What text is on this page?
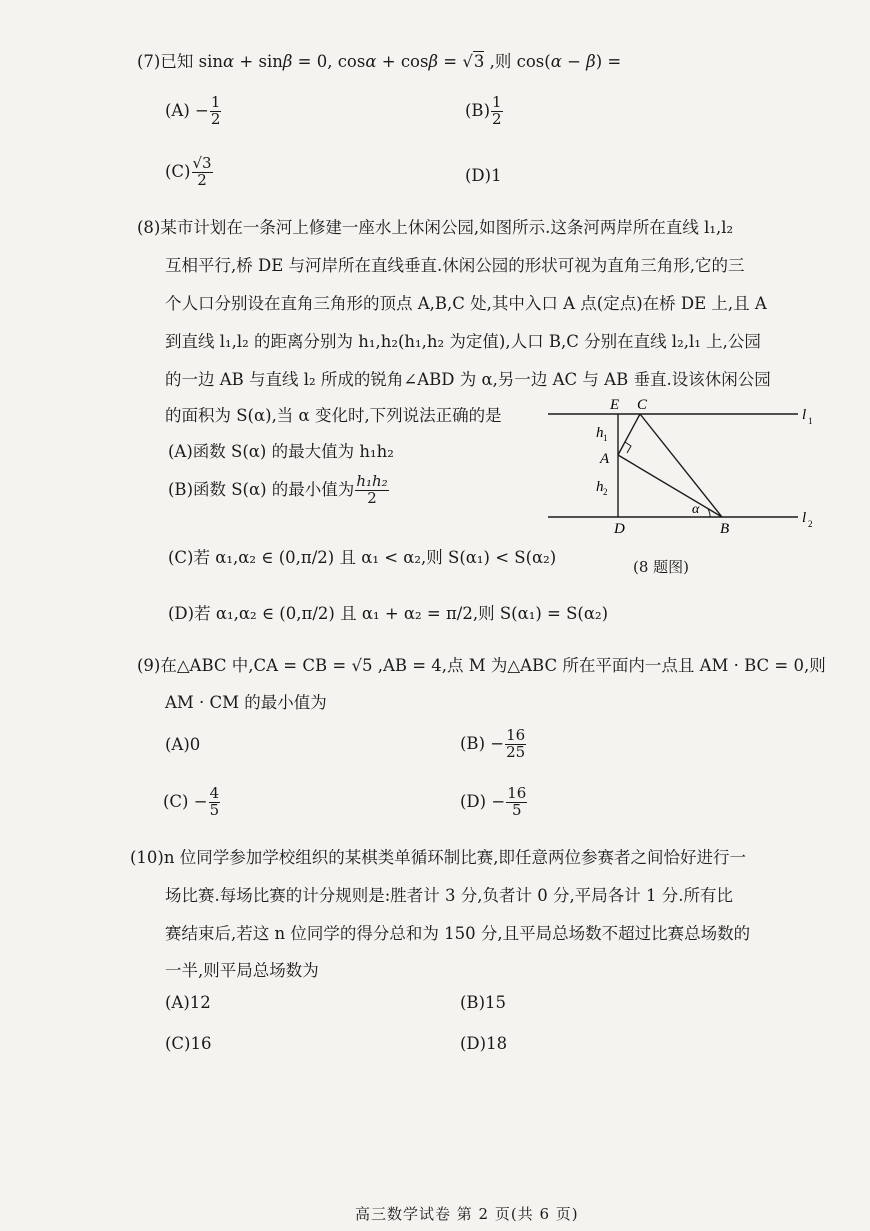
(7)已知 sinα + sinβ = 0, cosα + cosβ = √3 ,则 cos(α − β) =
$(A) - \frac{1}{2}$	$(B) \frac{1}{2}$
$(C) \frac{√3}{2}$	(D)1
(8)某市计划在一条河上修建一座水上休闲公园,如图所示.这条河两岸所在直线 l₁,l₂
互相平行,桥 DE 与河岸所在直线垂直.休闲公园的形状可视为直角三角形,它的三
个人口分别设在直角三角形的顶点 A,B,C 处,其中入口 A 点(定点)在桥 DE 上,且 A
到直线 l₁,l₂ 的距离分别为 h₁,h₂(h₁,h₂ 为定值),人口 B,C 分别在直线 l₂,l₁ 上,公园
的一边 AB 与直线 l₂ 所成的锐角∠ABD 为 α,另一边 AC 与 AB 垂直.设该休闲公园
的面积为 S(α),当 α 变化时,下列说法正确的是
(A)函数 S(α) 的最大值为 h₁h₂
(B)函数 S(α) 的最小值为 $\frac{\text{h₁h₂}}{2}$
(C)若 α₁,α₂ ∈ (0,π/2) 且 α₁ < α₂,则 S(α₁) < S(α₂)
(D)若 α₁,α₂ ∈ (0,π/2) 且 α₁ + α₂ = π/2,则 S(α₁) = S(α₂)
E C
l 1
h 1
A
h 2
α
D	B
l 2
(8 题图)
(9)在△ABC 中,CA = CB = √5 ,AB = 4,点 M 为△ABC 所在平面内一点且 AM · BC = 0,则
AM · CM 的最小值为
(A)0	$(B) - \frac{16}{25}$
$(C) - \frac{4}{5}$	$(D) - \frac{16}{5}$
(10)n 位同学参加学校组织的某棋类单循环制比赛,即任意两位参赛者之间恰好进行一
场比赛.每场比赛的计分规则是:胜者计 3 分,负者计 0 分,平局各计 1 分.所有比
赛结束后,若这 n 位同学的得分总和为 150 分,且平局总场数不超过比赛总场数的
一半,则平局总场数为
(A)12	(B)15
(C)16	(D)18
高三数学试卷 第 2 页(共 6 页)
